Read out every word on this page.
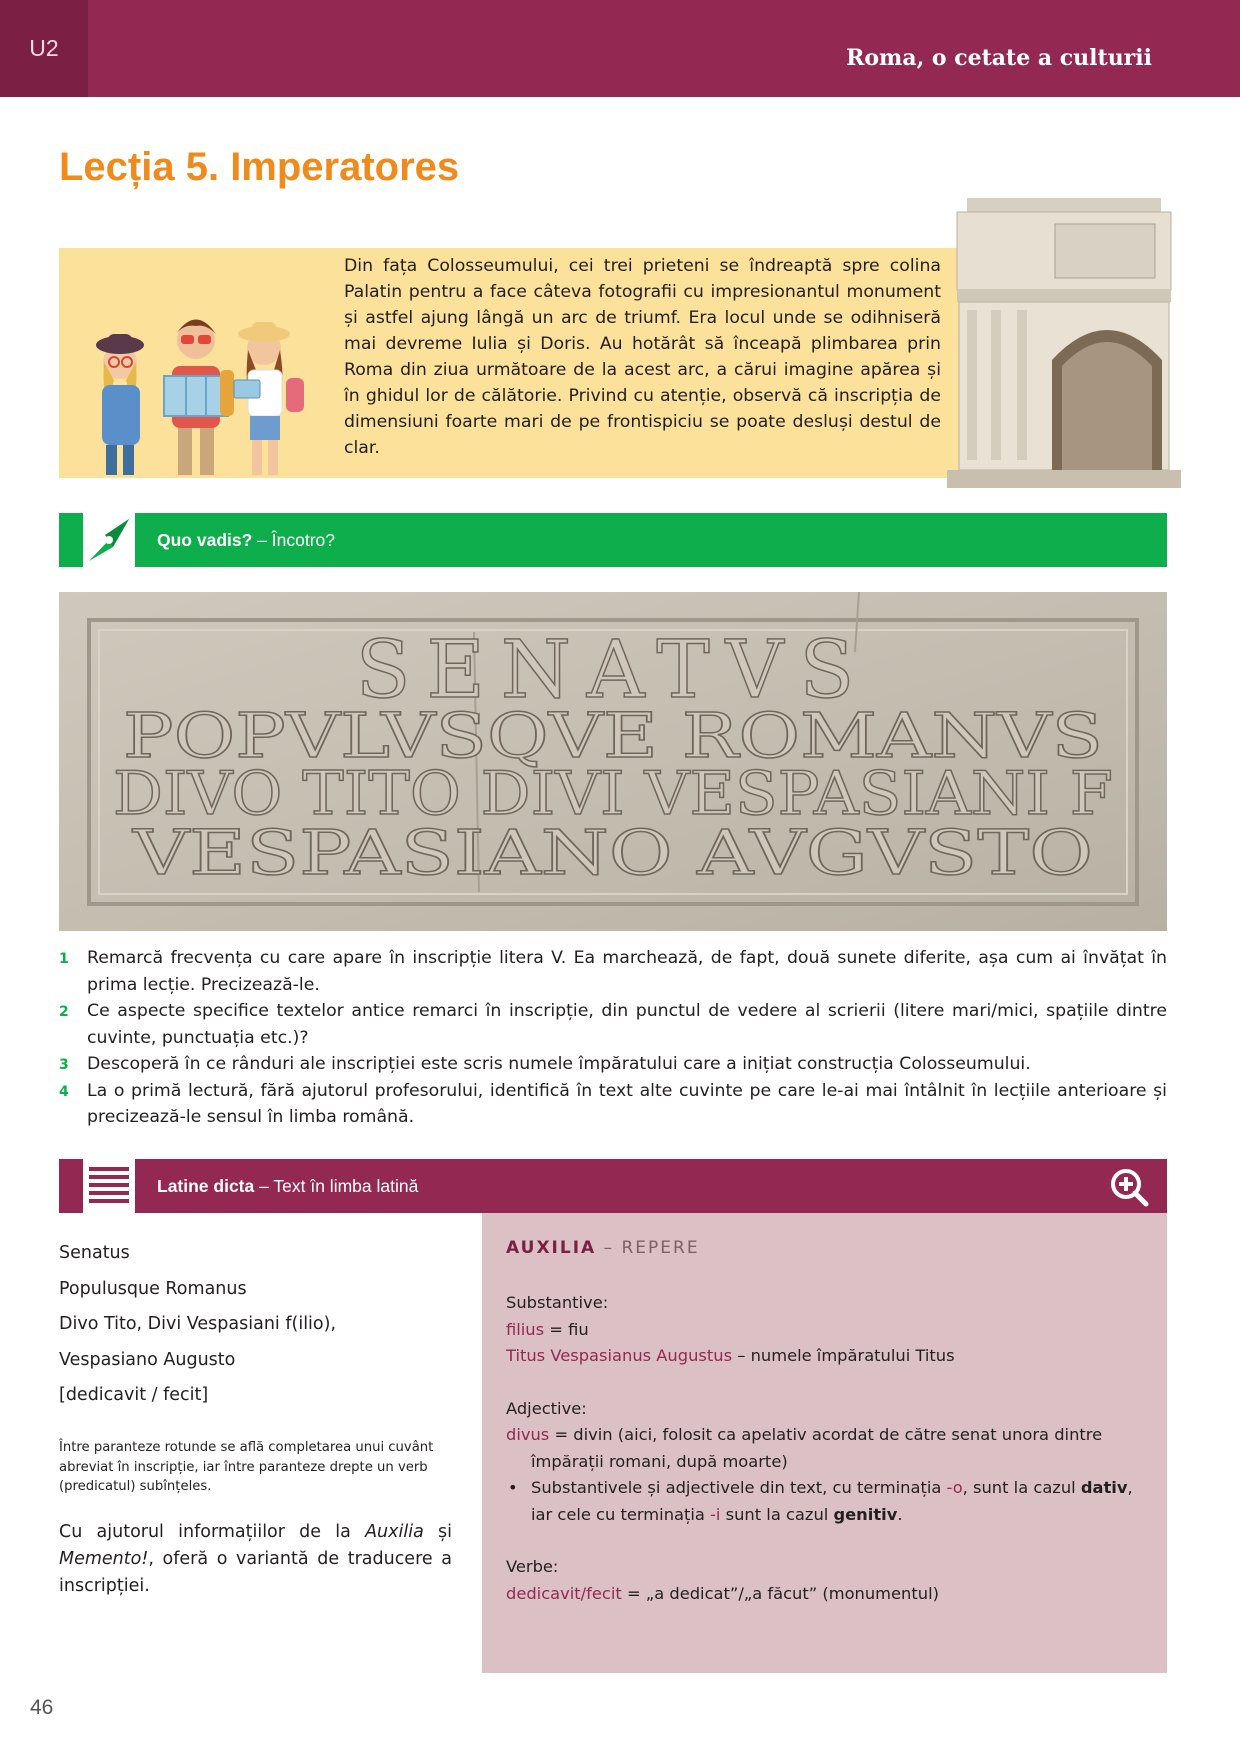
U2	Roma, o cetate a culturii
Lecția 5. Imperatores

Din fața Colosseumului, cei trei prieteni se îndreaptă spre colina Palatin pentru a face câteva fotografii cu impresionantul monument și astfel ajung lângă un arc de triumf. Era locul unde se odihniseră mai devreme Iulia și Doris. Au hotărât să înceapă plimbarea prin Roma din ziua următoare de la acest arc, a cărui imagine apărea și în ghidul lor de călătorie. Privind cu atenție, observă că inscripția de dimensiuni foarte mari de pe frontispiciu se poate desluși destul de clar.

Quo vadis? – Încotro?
SENATVS
POPVLVSQVE ROMANVS
DIVO TITO DIVI VESPASIANI F
VESPASIANO AVGVSTO
1 Remarcă frecvența cu care apare în inscripție litera V. Ea marchează, de fapt, două sunete diferite, așa cum ai învățat în prima lecție. Precizează-le.
2 Ce aspecte specifice textelor antice remarci în inscripție, din punctul de vedere al scrierii (litere mari/mici, spațiile dintre cuvinte, punctuația etc.)?
3 Descoperă în ce rânduri ale inscripției este scris numele împăratului care a inițiat construcția Colosseumului.
4 La o primă lectură, fără ajutorul profesorului, identifică în text alte cuvinte pe care le-ai mai întâlnit în lecțiile anterioare și precizează-le sensul în limba română.
Latine dicta – Text în limba latină
Senatus
Populusque Romanus
Divo Tito, Divi Vespasiani f(ilio),
Vespasiano Augusto
[dedicavit / fecit]

Între paranteze rotunde se află completarea unui cuvânt abreviat în inscripție, iar între paranteze drepte un verb (predicatul) subînțeles.

Cu ajutorul informațiilor de la Auxilia și Memento!, oferă o variantă de traducere a inscripției.

AUXILIA – REPERE
Substantive:
filius = fiu
Titus Vespasianus Augustus – numele împăratului Titus
Adjective:
divus = divin (aici, folosit ca apelativ acordat de către senat unora dintre
împărații romani, după moarte)
• Substantivele și adjectivele din text, cu terminația -o, sunt la cazul dativ, iar cele cu terminația -i sunt la cazul genitiv.
Verbe:
dedicavit/fecit = „a dedicat”/„a făcut” (monumentul)
46
